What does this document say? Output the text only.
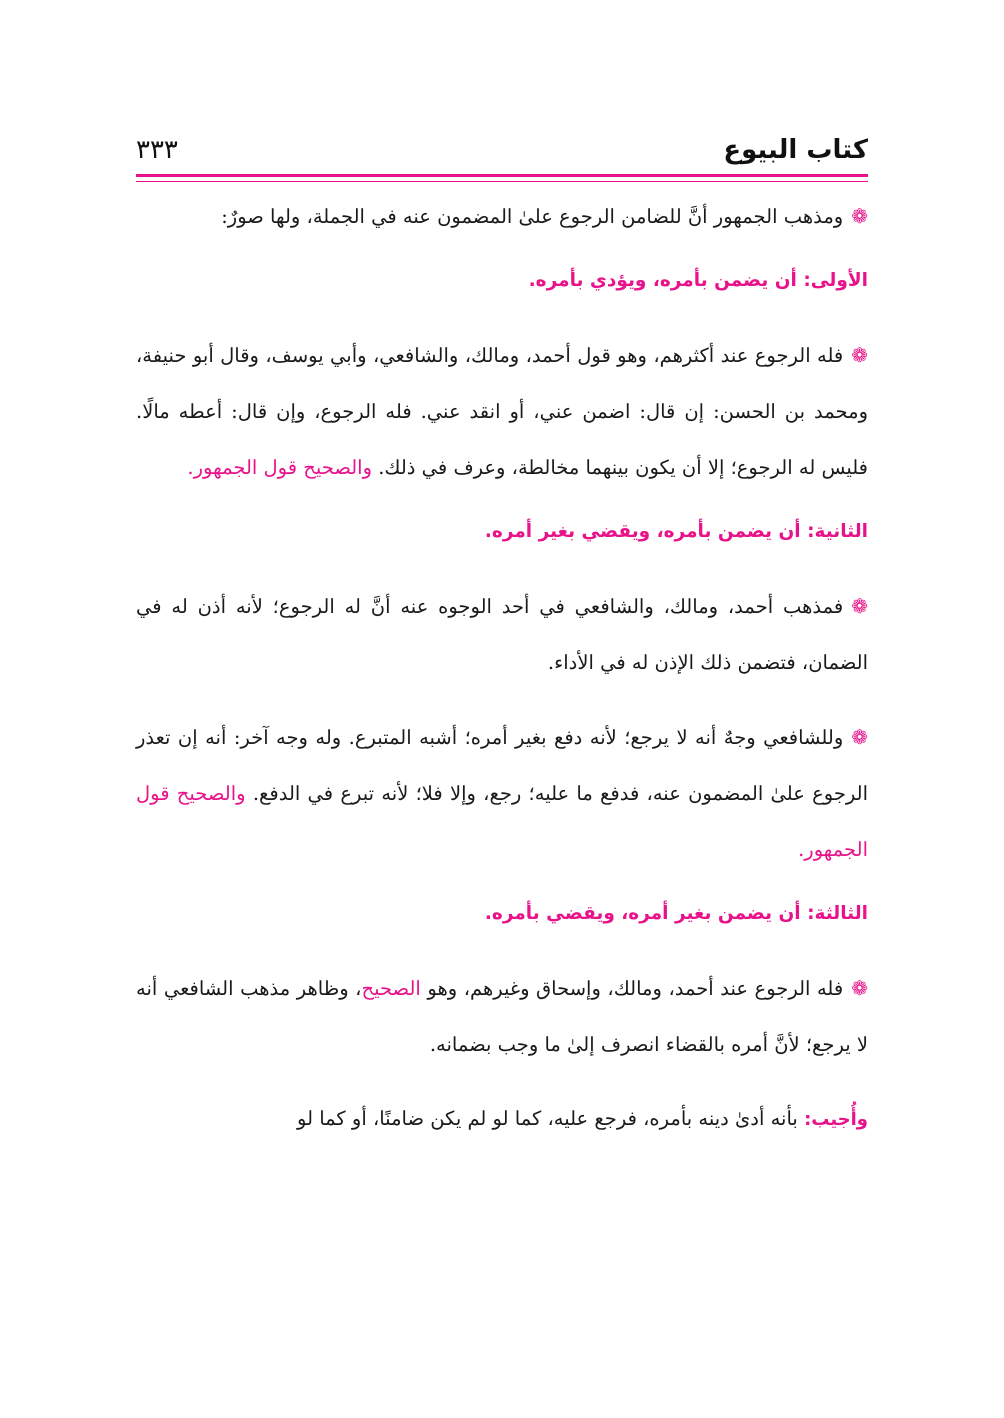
كتاب البيوع
٣٣٣

❁ومذهب الجمهور أنَّ للضامن الرجوع علىٰ المضمون عنه في الجملة، ولها صورٌ:

الأولى: أن يضمن بأمره، ويؤدي بأمره.

❁فله الرجوع عند أكثرهم، وهو قول أحمد، ومالك، والشافعي، وأبي يوسف، وقال أبو حنيفة، ومحمد بن الحسن: إن قال: اضمن عني، أو انقد عني. فله الرجوع، وإن قال: أعطه مالًا. فليس له الرجوع؛ إلا أن يكون بينهما مخالطة، وعرف في ذلك. والصحيح قول الجمهور.

الثانية: أن يضمن بأمره، ويقضي بغير أمره.

❁فمذهب أحمد، ومالك، والشافعي في أحد الوجوه عنه أنَّ له الرجوع؛ لأنه أذن له في الضمان، فتضمن ذلك الإذن له في الأداء.

❁وللشافعي وجهٌ أنه لا يرجع؛ لأنه دفع بغير أمره؛ أشبه المتبرع. وله وجه آخر: أنه إن تعذر الرجوع علىٰ المضمون عنه، فدفع ما عليه؛ رجع، وإلا فلا؛ لأنه تبرع في الدفع. والصحيح قول الجمهور.

الثالثة: أن يضمن بغير أمره، ويقضي بأمره.

❁فله الرجوع عند أحمد، ومالك، وإسحاق وغيرهم، وهو الصحيح، وظاهر مذهب الشافعي أنه لا يرجع؛ لأنَّ أمره بالقضاء انصرف إلىٰ ما وجب بضمانه.

وأُجيب: بأنه أدىٰ دينه بأمره، فرجع عليه، كما لو لم يكن ضامنًا، أو كما لو
